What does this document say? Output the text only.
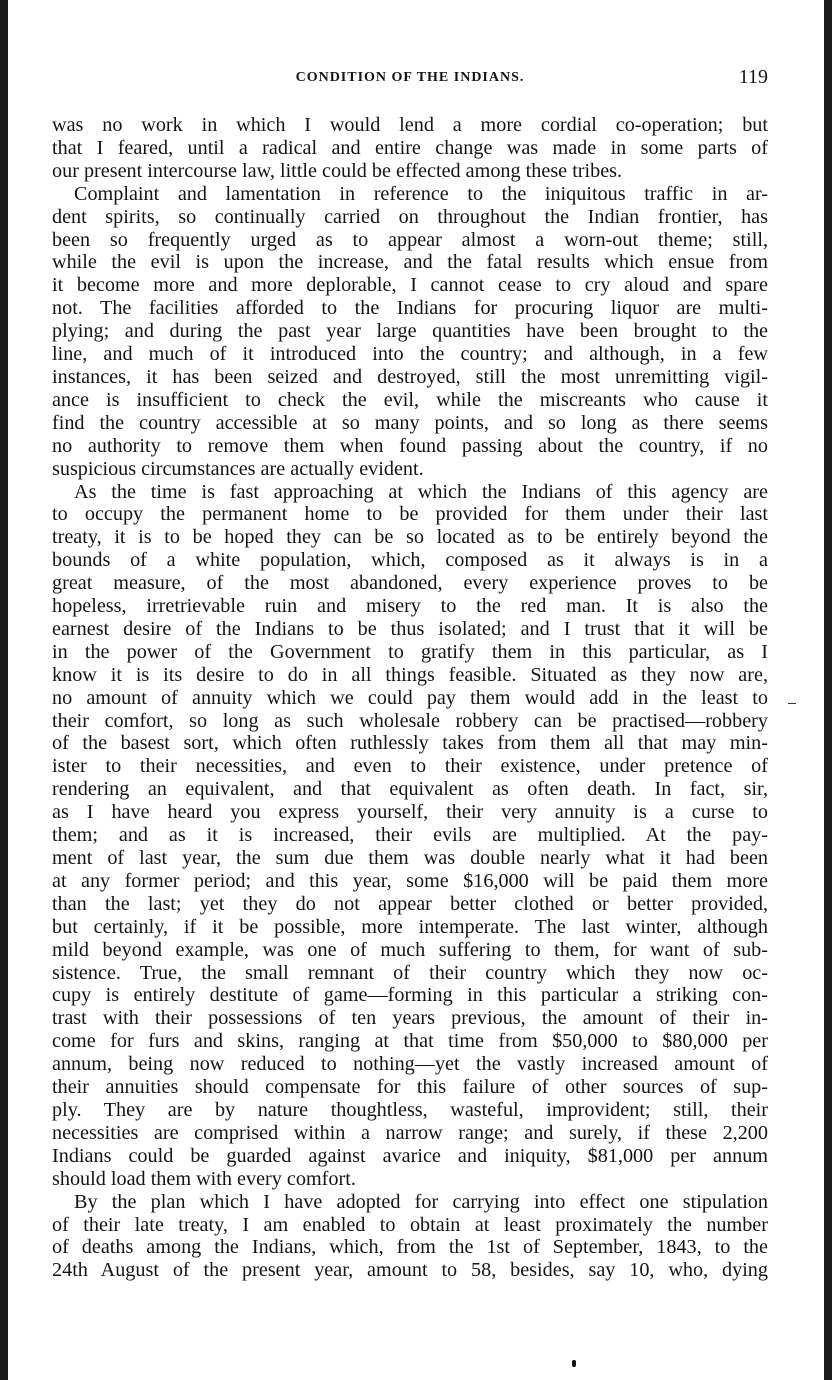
CONDITION OF THE INDIANS.	119
was no work in which I would lend a more cordial co-operation; but
that I feared, until a radical and entire change was made in some parts of
our present intercourse law, little could be effected among these tribes.
Complaint and lamentation in reference to the iniquitous traffic in ar-
dent spirits, so continually carried on throughout the Indian frontier, has
been so frequently urged as to appear almost a worn-out theme; still,
while the evil is upon the increase, and the fatal results which ensue from
it become more and more deplorable, I cannot cease to cry aloud and spare
not. The facilities afforded to the Indians for procuring liquor are multi-
plying; and during the past year large quantities have been brought to the
line, and much of it introduced into the country; and although, in a few
instances, it has been seized and destroyed, still the most unremitting vigil-
ance is insufficient to check the evil, while the miscreants who cause it
find the country accessible at so many points, and so long as there seems
no authority to remove them when found passing about the country, if no
suspicious circumstances are actually evident.
As the time is fast approaching at which the Indians of this agency are
to occupy the permanent home to be provided for them under their last
treaty, it is to be hoped they can be so located as to be entirely beyond the
bounds of a white population, which, composed as it always is in a
great measure, of the most abandoned, every experience proves to be
hopeless, irretrievable ruin and misery to the red man. It is also the
earnest desire of the Indians to be thus isolated; and I trust that it will be
in the power of the Government to gratify them in this particular, as I
know it is its desire to do in all things feasible. Situated as they now are,
no amount of annuity which we could pay them would add in the least to
their comfort, so long as such wholesale robbery can be practised—robbery
of the basest sort, which often ruthlessly takes from them all that may min-
ister to their necessities, and even to their existence, under pretence of
rendering an equivalent, and that equivalent as often death. In fact, sir,
as I have heard you express yourself, their very annuity is a curse to
them; and as it is increased, their evils are multiplied. At the pay-
ment of last year, the sum due them was double nearly what it had been
at any former period; and this year, some $16,000 will be paid them more
than the last; yet they do not appear better clothed or better provided,
but certainly, if it be possible, more intemperate. The last winter, although
mild beyond example, was one of much suffering to them, for want of sub-
sistence. True, the small remnant of their country which they now oc-
cupy is entirely destitute of game—forming in this particular a striking con-
trast with their possessions of ten years previous, the amount of their in-
come for furs and skins, ranging at that time from $50,000 to $80,000 per
annum, being now reduced to nothing—yet the vastly increased amount of
their annuities should compensate for this failure of other sources of sup-
ply. They are by nature thoughtless, wasteful, improvident; still, their
necessities are comprised within a narrow range; and surely, if these 2,200
Indians could be guarded against avarice and iniquity, $81,000 per annum
should load them with every comfort.
By the plan which I have adopted for carrying into effect one stipulation
of their late treaty, I am enabled to obtain at least proximately the number
of deaths among the Indians, which, from the 1st of September, 1843, to the
24th August of the present year, amount to 58, besides, say 10, who, dying
